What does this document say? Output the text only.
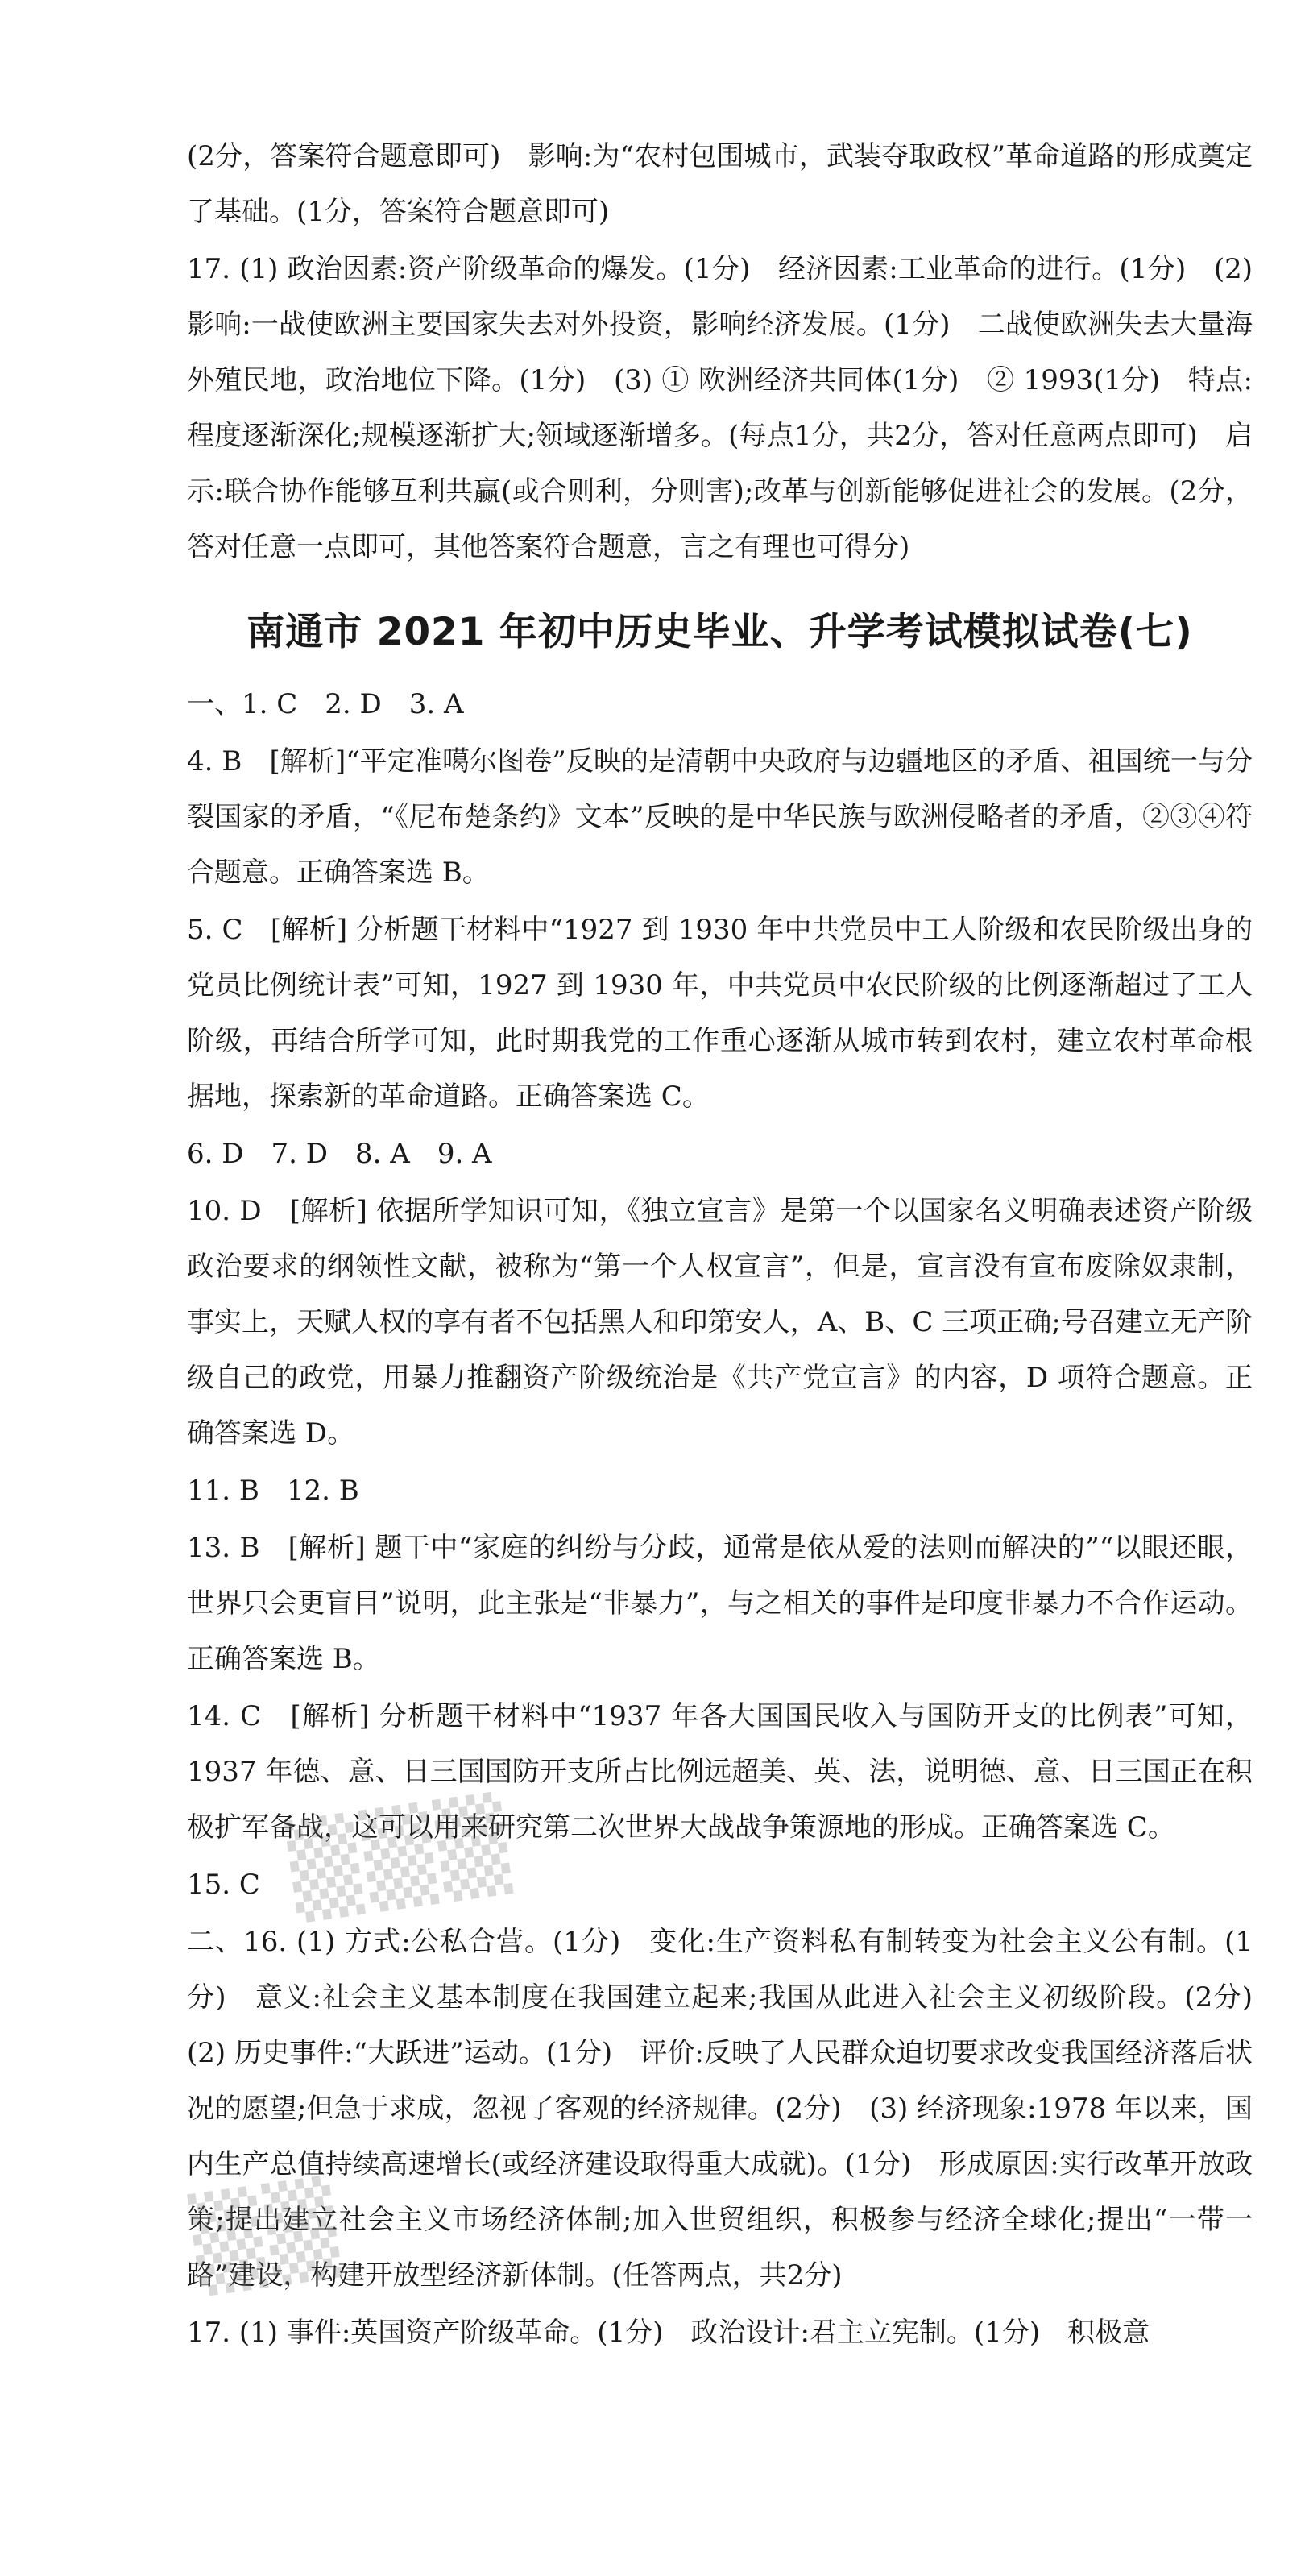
(2分，答案符合题意即可)　影响:为“农村包围城市，武装夺取政权”革命道路的形成奠定了基础。(1分，答案符合题意即可)

17. (1) 政治因素:资产阶级革命的爆发。(1分)　经济因素:工业革命的进行。(1分)　(2) 影响:一战使欧洲主要国家失去对外投资，影响经济发展。(1分)　二战使欧洲失去大量海外殖民地，政治地位下降。(1分)　(3) ① 欧洲经济共同体(1分)　② 1993(1分)　特点:程度逐渐深化;规模逐渐扩大;领域逐渐增多。(每点1分，共2分，答对任意两点即可)　启示:联合协作能够互利共赢(或合则利，分则害);改革与创新能够促进社会的发展。(2分，答对任意一点即可，其他答案符合题意，言之有理也可得分)

南通市 2021 年初中历史毕业、升学考试模拟试卷(七)

一、1. C　2. D　3. A

4. B　[解析]“平定准噶尔图卷”反映的是清朝中央政府与边疆地区的矛盾、祖国统一与分裂国家的矛盾，“《尼布楚条约》文本”反映的是中华民族与欧洲侵略者的矛盾，②③④符合题意。正确答案选 B。

5. C　[解析] 分析题干材料中“1927 到 1930 年中共党员中工人阶级和农民阶级出身的党员比例统计表”可知，1927 到 1930 年，中共党员中农民阶级的比例逐渐超过了工人阶级，再结合所学可知，此时期我党的工作重心逐渐从城市转到农村，建立农村革命根据地，探索新的革命道路。正确答案选 C。

6. D　7. D　8. A　9. A

10. D　[解析] 依据所学知识可知，《独立宣言》是第一个以国家名义明确表述资产阶级政治要求的纲领性文献，被称为“第一个人权宣言”，但是，宣言没有宣布废除奴隶制，事实上，天赋人权的享有者不包括黑人和印第安人，A、B、C 三项正确;号召建立无产阶级自己的政党，用暴力推翻资产阶级统治是《共产党宣言》的内容，D 项符合题意。正确答案选 D。

11. B　12. B

13. B　[解析] 题干中“家庭的纠纷与分歧，通常是依从爱的法则而解决的”“以眼还眼，世界只会更盲目”说明，此主张是“非暴力”，与之相关的事件是印度非暴力不合作运动。正确答案选 B。

14. C　[解析] 分析题干材料中“1937 年各大国国民收入与国防开支的比例表”可知，1937 年德、意、日三国国防开支所占比例远超美、英、法，说明德、意、日三国正在积极扩军备战，这可以用来研究第二次世界大战战争策源地的形成。正确答案选 C。

15. C

二、16. (1) 方式:公私合营。(1分)　变化:生产资料私有制转变为社会主义公有制。(1分)　意义:社会主义基本制度在我国建立起来;我国从此进入社会主义初级阶段。(2分)　(2) 历史事件:“大跃进”运动。(1分)　评价:反映了人民群众迫切要求改变我国经济落后状况的愿望;但急于求成，忽视了客观的经济规律。(2分)　(3) 经济现象:1978 年以来，国内生产总值持续高速增长(或经济建设取得重大成就)。(1分)　形成原因:实行改革开放政策;提出建立社会主义市场经济体制;加入世贸组织，积极参与经济全球化;提出“一带一路”建设，构建开放型经济新体制。(任答两点，共2分)

17. (1) 事件:英国资产阶级革命。(1分)　政治设计:君主立宪制。(1分)　积极意

▒▒▒
▒▒
